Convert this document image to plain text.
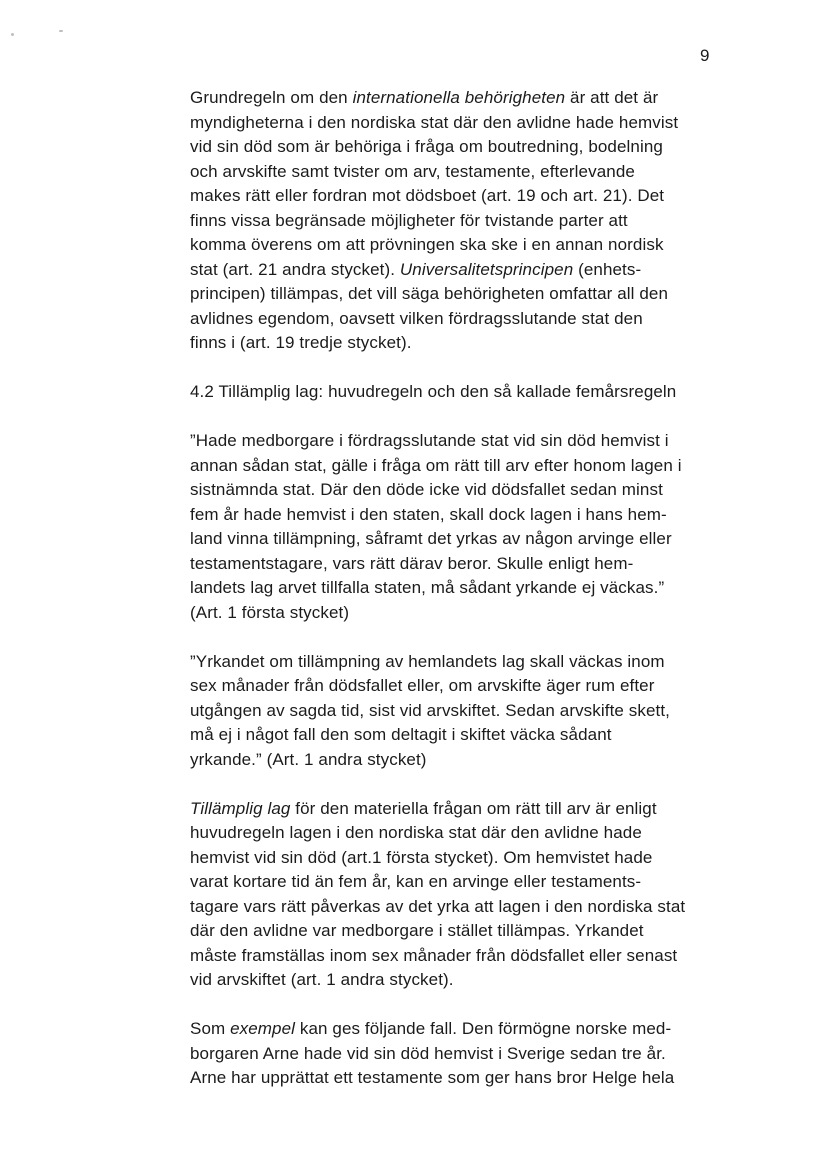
9

Grundregeln om den internationella behörigheten är att det är
myndigheterna i den nordiska stat där den avlidne hade hemvist
vid sin död som är behöriga i fråga om boutredning, bodelning
och arvskifte samt tvister om arv, testamente, efterlevande
makes rätt eller fordran mot dödsboet (art. 19 och art. 21). Det
finns vissa begränsade möjligheter för tvistande parter att
komma överens om att prövningen ska ske i en annan nordisk
stat (art. 21 andra stycket). Universalitetsprincipen (enhets-
principen) tillämpas, det vill säga behörigheten omfattar all den
avlidnes egendom, oavsett vilken fördragsslutande stat den
finns i (art. 19 tredje stycket).

4.2 Tillämplig lag: huvudregeln och den så kallade femårsregeln

”Hade medborgare i fördragsslutande stat vid sin död hemvist i
annan sådan stat, gälle i fråga om rätt till arv efter honom lagen i
sistnämnda stat. Där den döde icke vid dödsfallet sedan minst
fem år hade hemvist i den staten, skall dock lagen i hans hem-
land vinna tillämpning, såframt det yrkas av någon arvinge eller
testamentstagare, vars rätt därav beror. Skulle enligt hem-
landets lag arvet tillfalla staten, må sådant yrkande ej väckas.”
(Art. 1 första stycket)

”Yrkandet om tillämpning av hemlandets lag skall väckas inom
sex månader från dödsfallet eller, om arvskifte äger rum efter
utgången av sagda tid, sist vid arvskiftet. Sedan arvskifte skett,
må ej i något fall den som deltagit i skiftet väcka sådant
yrkande.” (Art. 1 andra stycket)

Tillämplig lag för den materiella frågan om rätt till arv är enligt
huvudregeln lagen i den nordiska stat där den avlidne hade
hemvist vid sin död (art.1 första stycket). Om hemvistet hade
varat kortare tid än fem år, kan en arvinge eller testaments-
tagare vars rätt påverkas av det yrka att lagen i den nordiska stat
där den avlidne var medborgare i stället tillämpas. Yrkandet
måste framställas inom sex månader från dödsfallet eller senast
vid arvskiftet (art. 1 andra stycket).

Som exempel kan ges följande fall. Den förmögne norske med-
borgaren Arne hade vid sin död hemvist i Sverige sedan tre år.
Arne har upprättat ett testamente som ger hans bror Helge hela
